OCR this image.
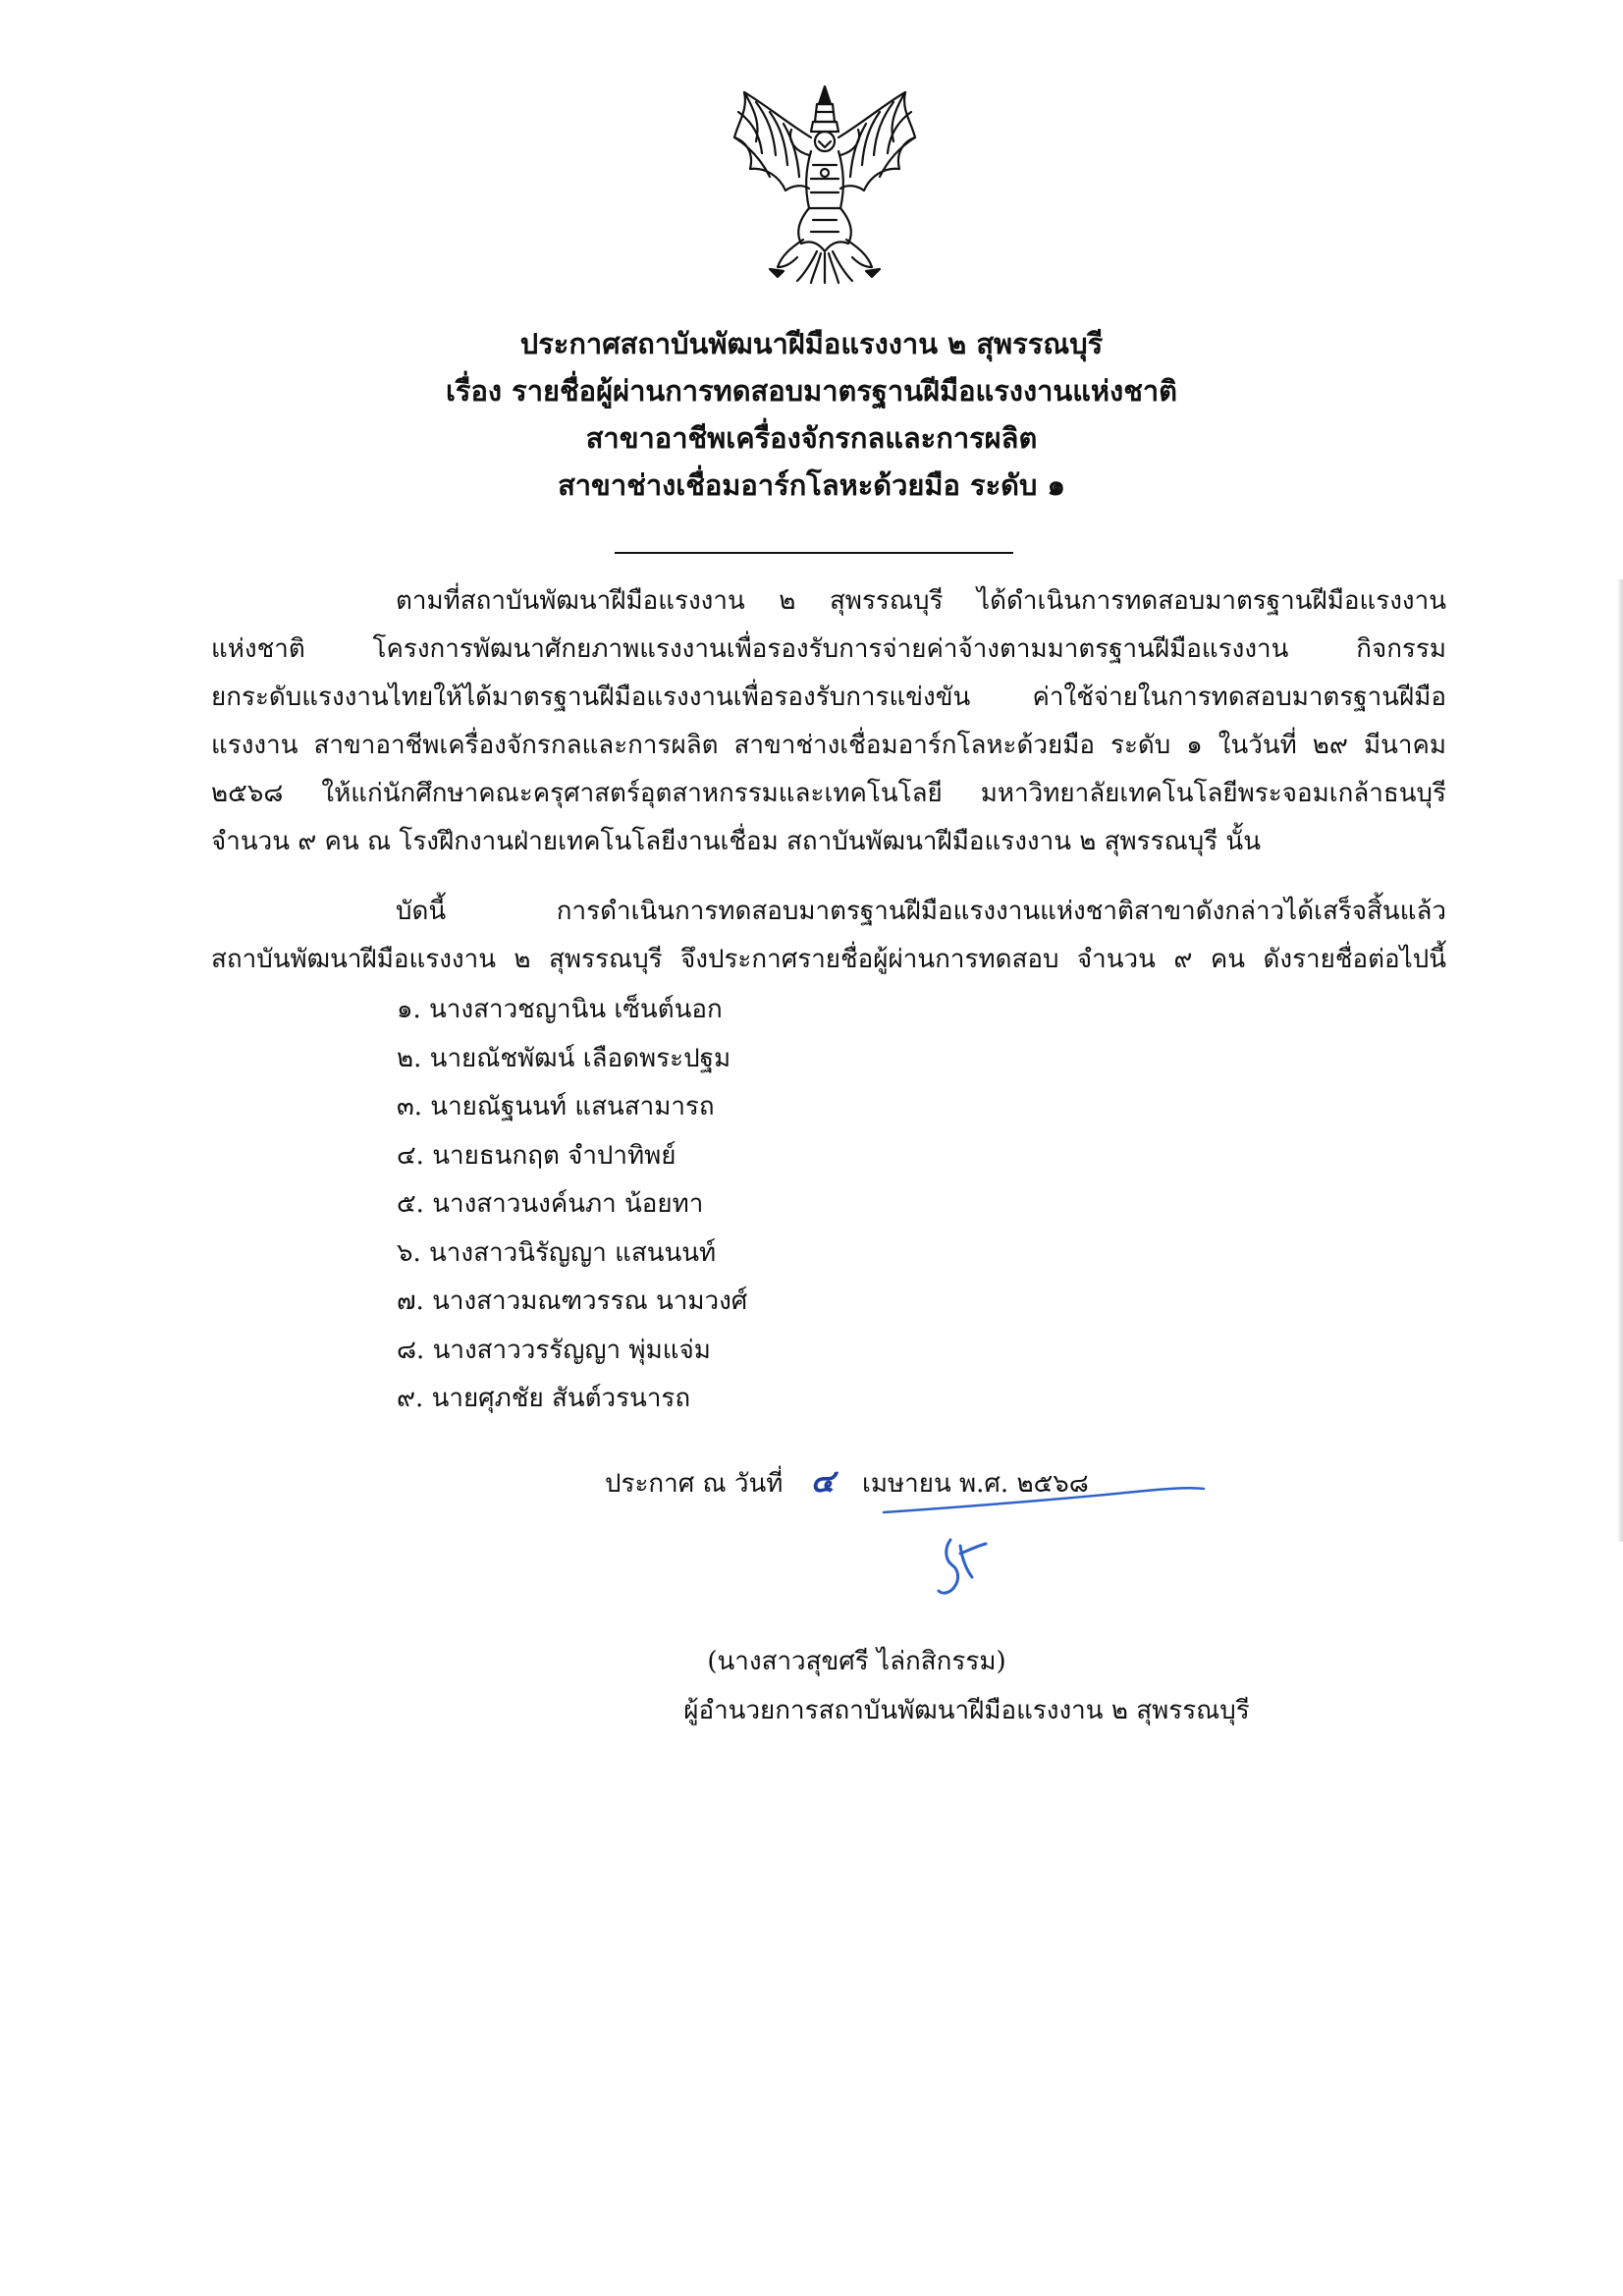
ประกาศสถาบันพัฒนาฝีมือแรงงาน ๒ สุพรรณบุรี
เรื่อง รายชื่อผู้ผ่านการทดสอบมาตรฐานฝีมือแรงงานแห่งชาติ
สาขาอาชีพเครื่องจักรกลและการผลิต
สาขาช่างเชื่อมอาร์กโลหะด้วยมือ ระดับ ๑
ตามที่สถาบันพัฒนาฝีมือแรงงาน ๒ สุพรรณบุรี ได้ดำเนินการทดสอบมาตรฐานฝีมือแรงงาน
แห่งชาติ โครงการพัฒนาศักยภาพแรงงานเพื่อรองรับการจ่ายค่าจ้างตามมาตรฐานฝีมือแรงงาน กิจกรรม
ยกระดับแรงงานไทยให้ได้มาตรฐานฝีมือแรงงานเพื่อรองรับการแข่งขัน ค่าใช้จ่ายในการทดสอบมาตรฐานฝีมือ
แรงงาน สาขาอาชีพเครื่องจักรกลและการผลิต สาขาช่างเชื่อมอาร์กโลหะด้วยมือ ระดับ ๑ ในวันที่ ๒๙ มีนาคม
๒๕๖๘ ให้แก่นักศึกษาคณะครุศาสตร์อุตสาหกรรมและเทคโนโลยี มหาวิทยาลัยเทคโนโลยีพระจอมเกล้าธนบุรี
จำนวน ๙ คน ณ โรงฝึกงานฝ่ายเทคโนโลยีงานเชื่อม สถาบันพัฒนาฝีมือแรงงาน ๒ สุพรรณบุรี นั้น
บัดนี้ การดำเนินการทดสอบมาตรฐานฝีมือแรงงานแห่งชาติสาขาดังกล่าวได้เสร็จสิ้นแล้ว
สถาบันพัฒนาฝีมือแรงงาน ๒ สุพรรณบุรี จึงประกาศรายชื่อผู้ผ่านการทดสอบ จำนวน ๙ คน ดังรายชื่อต่อไปนี้
๑. นางสาวชญานิน เซ็นต์นอก
๒. นายณัชพัฒน์ เลือดพระปฐม
๓. นายณัฐนนท์ แสนสามารถ
๔. นายธนกฤต จำปาทิพย์
๕. นางสาวนงค์นภา น้อยทา
๖. นางสาวนิรัญญา แสนนนท์
๗. นางสาวมณฑวรรณ นามวงศ์
๘. นางสาววรรัญญา พุ่มแจ่ม
๙. นายศุภชัย สันต์วรนารถ
ประกาศ ณ วันที่ ๔ เมษายน พ.ศ. ๒๕๖๘
(นางสาวสุขศรี ไล่กสิกรรม)
ผู้อำนวยการสถาบันพัฒนาฝีมือแรงงาน ๒ สุพรรณบุรี
